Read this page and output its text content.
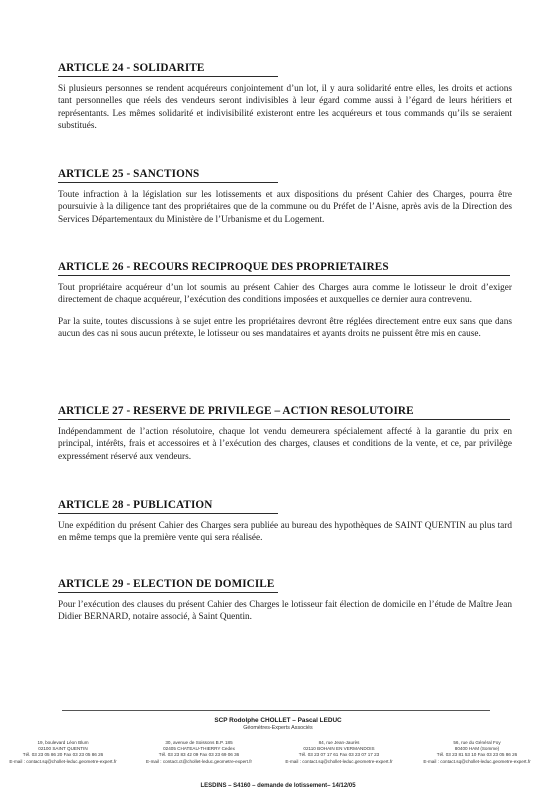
ARTICLE 24 - SOLIDARITE

Si plusieurs personnes se rendent acquéreurs conjointement d’un lot, il y aura solidarité entre elles, les droits et actions tant personnelles que réels des vendeurs seront indivisibles à leur égard comme aussi à l’égard de leurs héritiers et représentants. Les mêmes solidarité et indivisibilité existeront entre les acquéreurs et tous commands qu’ils se seraient substitués.

ARTICLE 25 - SANCTIONS

Toute infraction à la législation sur les lotissements et aux dispositions du présent Cahier des Charges, pourra être poursuivie à la diligence tant des propriétaires que de la commune ou du Préfet de l’Aisne, après avis de la Direction des Services Départementaux du Ministère de l’Urbanisme et du Logement.

ARTICLE 26 - RECOURS RECIPROQUE DES PROPRIETAIRES

Tout propriétaire acquéreur d’un lot soumis au présent Cahier des Charges aura comme le lotisseur le droit d’exiger directement de chaque acquéreur, l’exécution des conditions imposées et auxquelles ce dernier aura contrevenu.

Par la suite, toutes discussions à se sujet entre les propriétaires devront être réglées directement entre eux sans que dans aucun des cas ni sous aucun prétexte, le lotisseur ou ses mandataires et ayants droits ne puissent être mis en cause.

ARTICLE 27 - RESERVE DE PRIVILEGE – ACTION RESOLUTOIRE

Indépendamment de l’action résolutoire, chaque lot vendu demeurera spécialement affecté à la garantie du prix en principal, intérêts, frais et accessoires et à l’exécution des charges, clauses et conditions de la vente, et ce, par privilège expressément réservé aux vendeurs.

ARTICLE 28 - PUBLICATION

Une expédition du présent Cahier des Charges sera publiée au bureau des hypothèques de SAINT QUENTIN au plus tard en même temps que la première vente qui sera réalisée.

ARTICLE 29 - ELECTION DE DOMICILE

Pour l’exécution des clauses du présent Cahier des Charges le lotisseur fait élection de domicile en l’étude de Maître Jean Didier BERNARD, notaire associé, à Saint Quentin.

SCP Rodolphe CHOLLET – Pascal LEDUC
Géomètres-Experts Associés
19, boulevard Léon Blum
02100 SAINT QUENTIN
Tél. 03 23 05 86 20 Fax 03 23 05 86 26
E-mail : contact.sq@chollet-leduc.geometre-expert.fr
30, avenue de Soissons B.P. 185
02405 CHATEAU-THIERRY Cedex
Tél. 03 23 83 42 09 Fax 03 23 69 06 36
E-mail : contact.ct@chollet-leduc.geometre-expert.fr
84, rue Jean-Jaurès
02110 BOHAIN EN VERMANDOIS
Tél. 03 23 07 17 61 Fax 03 23 07 17 23
E-mail : contact.sq@chollet-leduc.geometre-expert.fr
56, rue du Général Foy
80400 HAM (Somme)
Tél. 03 23 81 53 10 Fax 03 23 05 86 26
E-mail : contact.sq@chollet-leduc.geometre-expert.fr
LESDINS – S4160 – demande de lotissement– 14/12/05
